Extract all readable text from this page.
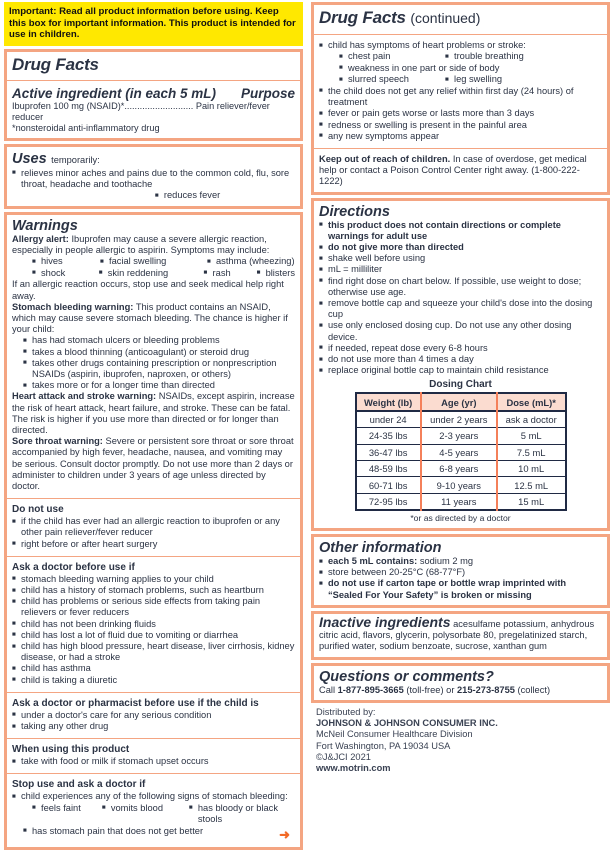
Important: Read all product information before using. Keep this box for important information. This product is intended for use in children.
Drug Facts
Active ingredient (in each 5 mL) Purpose
Ibuprofen 100 mg (NSAID)*........................... Pain reliever/fever reducer
*nonsteroidal anti-inflammatory drug
Uses temporarily:
■ relieves minor aches and pains due to the common cold, flu, sore throat, headache and toothache
■ reduces fever
Warnings
Allergy alert: Ibuprofen may cause a severe allergic reaction, especially in people allergic to aspirin. Symptoms may include:
■ hives	■ facial swelling	■ asthma (wheezing)
■ shock	■ skin reddening	■ rash	■ blisters
If an allergic reaction occurs, stop use and seek medical help right away.
Stomach bleeding warning: This product contains an NSAID, which may cause severe stomach bleeding. The chance is higher if your child:
■ has had stomach ulcers or bleeding problems
■ takes a blood thinning (anticoagulant) or steroid drug
■ takes other drugs containing prescription or nonprescription NSAIDs (aspirin, ibuprofen, naproxen, or others)
■ takes more or for a longer time than directed
Heart attack and stroke warning: NSAIDs, except aspirin, increase the risk of heart attack, heart failure, and stroke. These can be fatal. The risk is higher if you use more than directed or for longer than directed.
Sore throat warning: Severe or persistent sore throat or sore throat accompanied by high fever, headache, nausea, and vomiting may be serious. Consult doctor promptly. Do not use more than 2 days or administer to children under 3 years of age unless directed by doctor.
Do not use
■ if the child has ever had an allergic reaction to ibuprofen or any other pain reliever/fever reducer
■ right before or after heart surgery
Ask a doctor before use if
■ stomach bleeding warning applies to your child
■ child has a history of stomach problems, such as heartburn
■ child has problems or serious side effects from taking pain relievers or fever reducers
■ child has not been drinking fluids
■ child has lost a lot of fluid due to vomiting or diarrhea
■ child has high blood pressure, heart disease, liver cirrhosis, kidney disease, or had a stroke
■ child has asthma
■ child is taking a diuretic
Ask a doctor or pharmacist before use if the child is
■ under a doctor's care for any serious condition
■ taking any other drug
When using this product
■ take with food or milk if stomach upset occurs
Stop use and ask a doctor if
■ child experiences any of the following signs of stomach bleeding:
■ feels faint	■ vomits blood	■ has bloody or black stools
■ has stomach pain that does not get better	➜
Drug Facts (continued)
■ child has symptoms of heart problems or stroke:
■ chest pain	■ trouble breathing
■ weakness in one part or side of body
■ slurred speech	■ leg swelling
■ the child does not get any relief within first day (24 hours) of treatment
■ fever or pain gets worse or lasts more than 3 days
■ redness or swelling is present in the painful area
■ any new symptoms appear
Keep out of reach of children. In case of overdose, get medical help or contact a Poison Control Center right away. (1-800-222-1222)
Directions
■ this product does not contain directions or complete warnings for adult use
■ do not give more than directed
■ shake well before using
■ mL = milliliter
■ find right dose on chart below. If possible, use weight to dose; otherwise use age.
■ remove bottle cap and squeeze your child's dose into the dosing cup
■ use only enclosed dosing cup. Do not use any other dosing device.
■ if needed, repeat dose every 6-8 hours
■ do not use more than 4 times a day
■ replace original bottle cap to maintain child resistance
Dosing Chart
Weight (lb)	Age (yr)	Dose (mL)*
under 24	under 2 years	ask a doctor
24-35 lbs	2-3 years	5 mL
36-47 lbs	4-5 years	7.5 mL
48-59 lbs	6-8 years	10 mL
60-71 lbs	9-10 years	12.5 mL
72-95 lbs	11 years	15 mL
*or as directed by a doctor
Other information
■ each 5 mL contains: sodium 2 mg
■ store between 20-25°C (68-77°F)
■ do not use if carton tape or bottle wrap imprinted with “Sealed For Your Safety” is broken or missing
Inactive ingredients acesulfame potassium, anhydrous citric acid, flavors, glycerin, polysorbate 80, pregelatinized starch, purified water, sodium benzoate, sucrose, xanthan gum
Questions or comments?
Call 1-877-895-3665 (toll-free) or 215-273-8755 (collect)
Distributed by:
JOHNSON & JOHNSON CONSUMER INC.
McNeil Consumer Healthcare Division
Fort Washington, PA 19034 USA
©J&JCI 2021
www.motrin.com
